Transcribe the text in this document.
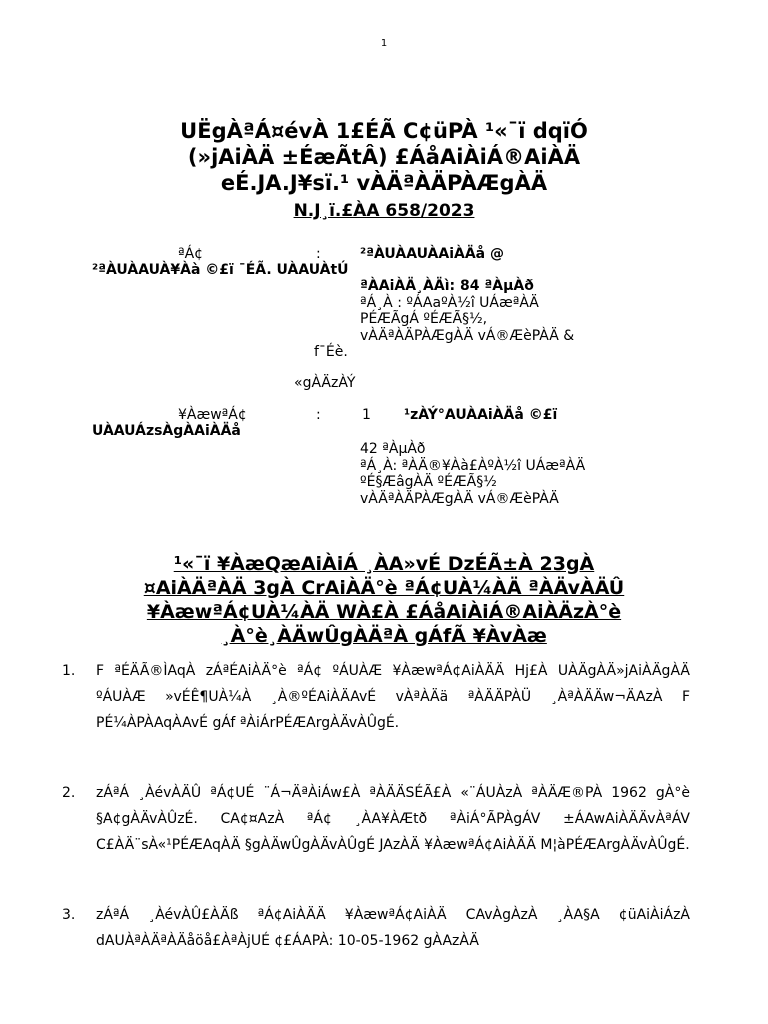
1
UËgÀªÁ¤évÀ 1£ÉÃ C¢üPÀ ¹«¯ï dqïÓ
(»jAiÀÄ ±ÉæÃtÂ) £ÁåAiÀiÁ®AiÀÄ
eÉ.JA.J¥sï.¹ vÀÄªÀÄPÀÆgÀÄ
N.J¸ï.£ÀA 658/2023
ªÁ¢	:	²ªÀUÀAUÀAiÀÄå @
²ªÀUÀAUÀ¥Àà ©£ï ¯ÉÃ. UÀAUÀtÚ
ªÀAiÀÄ¸ÀÄì: 84 ªÀµÀð
ªÁ¸À : ºÁAaºÀ½î UÁæªÀÄ
PÉÆÃgÁ ºÉÆÃ§½,
vÀÄªÀÄPÀÆgÀÄ vÁ®ÆèPÀÄ &
f¯Éè.
«gÀÄzÀÝ
¥ÀæwªÁ¢	:	1 ¹zÀÝ°AUÀAiÀÄå ©£ï
UÀAUÁzsÀgÀAiÀÄå
42 ªÀµÀð
ªÁ¸À: ªÀÄ®¥Àà£ÀºÀ½î UÁæªÀÄ
ºÉ§ÆâgÀÄ ºÉÆÃ§½
vÀÄªÀÄPÀÆgÀÄ vÁ®ÆèPÀÄ
¹«¯ï ¥ÀæQæAiÀiÁ ¸ÀA»vÉ DzÉÃ±À 23gÀ
¤AiÀÄªÀÄ 3gÀ CrAiÀÄ°è ªÁ¢UÀ¼ÀÄ ªÀÄvÀÄÛ
¥ÀæwªÁ¢UÀ¼ÀÄ WÀ£À £ÁåAiÀiÁ®AiÀÄzÀ°è
¸À°è¸ÀÄwÛgÀÄªÀ gÁfÃ ¥ÀvÀæ
1. F ªÉÄÃ®ÌAqÀ zÁªÉAiÀÄ°è ªÁ¢ ºÁUÀÆ ¥ÀæwªÁ¢AiÀÄÄ Hj£À UÀÄgÀÄ»jAiÀÄgÀÄ ºÁUÀÆ »vÉÊ¶UÀ¼À ¸À®ºÉAiÀÄAvÉ vÀªÀÄä ªÀÄÄPÀÜ ¸ÀªÀÄÄw¬ÄAzÀ F PÉ¼ÀPÀAqÀAvÉ gÁf ªÀiÁrPÉÆArgÀÄvÀÛgÉ.
2. zÁªÁ ¸ÀévÀÄÛ ªÁ¢UÉ ¨Á¬ÄªÀiÁw£À ªÀÄÄSÉÃ£À «¨ÁUÀzÀ ªÀÄÆ®PÀ 1962 gÀ°è §A¢gÀÄvÀÛzÉ. CA¢¤AzÀ ªÁ¢ ¸ÀA¥ÀÆtð ªÀiÁ°ÃPÀgÁV ±ÁAwAiÀÄÄvÀªÁV C£ÀÄ¨sÀ«¹PÉÆAqÀÄ §gÀÄwÛgÀÄvÀÛgÉ JAzÀÄ ¥ÀæwªÁ¢AiÀÄÄ M¦àPÉÆArgÀÄvÀÛgÉ.
3. zÁªÁ ¸ÀévÀÛ£ÀÄß ªÁ¢AiÀÄÄ ¥ÀæwªÁ¢AiÀÄ CAvÀgÀzÀ ¸ÀA§A ¢üAiÀiÁzÀ dAUÀªÀÄªÀÄåöå£ÀªÀjUÉ ¢£ÁAPÀ: 10-05-1962 gÀAzÀÄ
